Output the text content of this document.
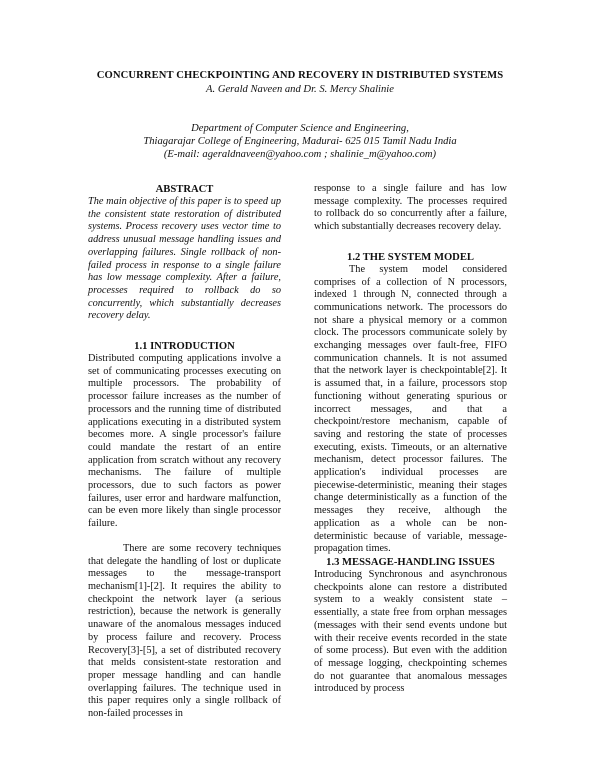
CONCURRENT CHECKPOINTING AND RECOVERY IN DISTRIBUTED SYSTEMS

A. Gerald Naveen and Dr. S. Mercy Shalinie

Department of Computer Science and Engineering,
Thiagarajar College of Engineering, Madurai- 625 015 Tamil Nadu India
(E-mail: ageraldnaveen@yahoo.com ; shalinie_m@yahoo.com)
ABSTRACT

The main objective of this paper is to speed up the consistent state restoration of distributed systems. Process recovery uses vector time to address unusual message handling issues and overlapping failures. Single rollback of non-failed process in response to a single failure has low message complexity. After a failure, processes required to rollback do so concurrently, which substantially decreases recovery delay.

1.1 INTRODUCTION

Distributed computing applications involve a set of communicating processes executing on multiple processors. The probability of processor failure increases as the number of processors and the running time of distributed applications executing in a distributed system becomes more. A single processor's failure could mandate the restart of an entire application from scratch without any recovery mechanisms. The failure of multiple processors, due to such factors as power failures, user error and hardware malfunction, can be even more likely than single processor failure.

There are some recovery techniques that delegate the handling of lost or duplicate messages to the message-transport mechanism[1]-[2]. It requires the ability to checkpoint the network layer (a serious restriction), because the network is generally unaware of the anomalous messages induced by process failure and recovery. Process Recovery[3]-[5], a set of distributed recovery that melds consistent-state restoration and proper message handling and can handle overlapping failures. The technique used in this paper requires only a single rollback of non-failed processes in

response to a single failure and has low message complexity. The processes required to rollback do so concurrently after a failure, which substantially decreases recovery delay.

1.2 THE SYSTEM MODEL

The system model considered comprises of a collection of N processors, indexed 1 through N, connected through a communications network. The processors do not share a physical memory or a common clock. The processors communicate solely by exchanging messages over fault-free, FIFO communication channels. It is not assumed that the network layer is checkpointable[2]. It is assumed that, in a failure, processors stop functioning without generating spurious or incorrect messages, and that a checkpoint/restore mechanism, capable of saving and restoring the state of processes executing, exists. Timeouts, or an alternative mechanism, detect processor failures. The application's individual processes are piecewise-deterministic, meaning their stages change deterministically as a function of the messages they receive, although the application as a whole can be non-deterministic because of variable, message-propagation times.

1.3 MESSAGE-HANDLING ISSUES

Introducing Synchronous and asynchronous checkpoints alone can restore a distributed system to a weakly consistent state – essentially, a state free from orphan messages (messages with their send events undone but with their receive events recorded in the state of some process). But even with the addition of message logging, checkpointing schemes do not guarantee that anomalous messages introduced by process
